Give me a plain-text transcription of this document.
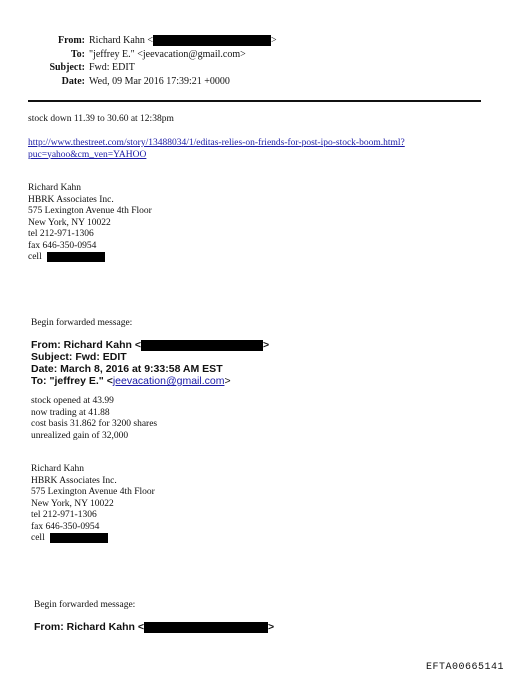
From: Richard Kahn <	>
To: "jeffrey E." <jeevacation@gmail.com>
Subject: Fwd: EDIT
Date: Wed, 09 Mar 2016 17:39:21 +0000
stock down 11.39 to 30.60 at 12:38pm
http://www.thestreet.com/story/13488034/1/editas-relies-on-friends-for-post-ipo-stock-boom.html?
puc=yahoo&cm_ven=YAHOO
Richard Kahn
HBRK Associates Inc.
575 Lexington Avenue 4th Floor
New York, NY 10022
tel 212-971-1306
fax 646-350-0954
cell
Begin forwarded message:
From: Richard Kahn <	>
Subject: Fwd: EDIT
Date: March 8, 2016 at 9:33:58 AM EST
To: "jeffrey E." <jeevacation@gmail.com>
stock opened at 43.99
now trading at 41.88
cost basis 31.862 for 3200 shares
unrealized gain of 32,000
Richard Kahn
HBRK Associates Inc.
575 Lexington Avenue 4th Floor
New York, NY 10022
tel 212-971-1306
fax 646-350-0954
cell
Begin forwarded message:
From: Richard Kahn <	>
EFTA00665141
